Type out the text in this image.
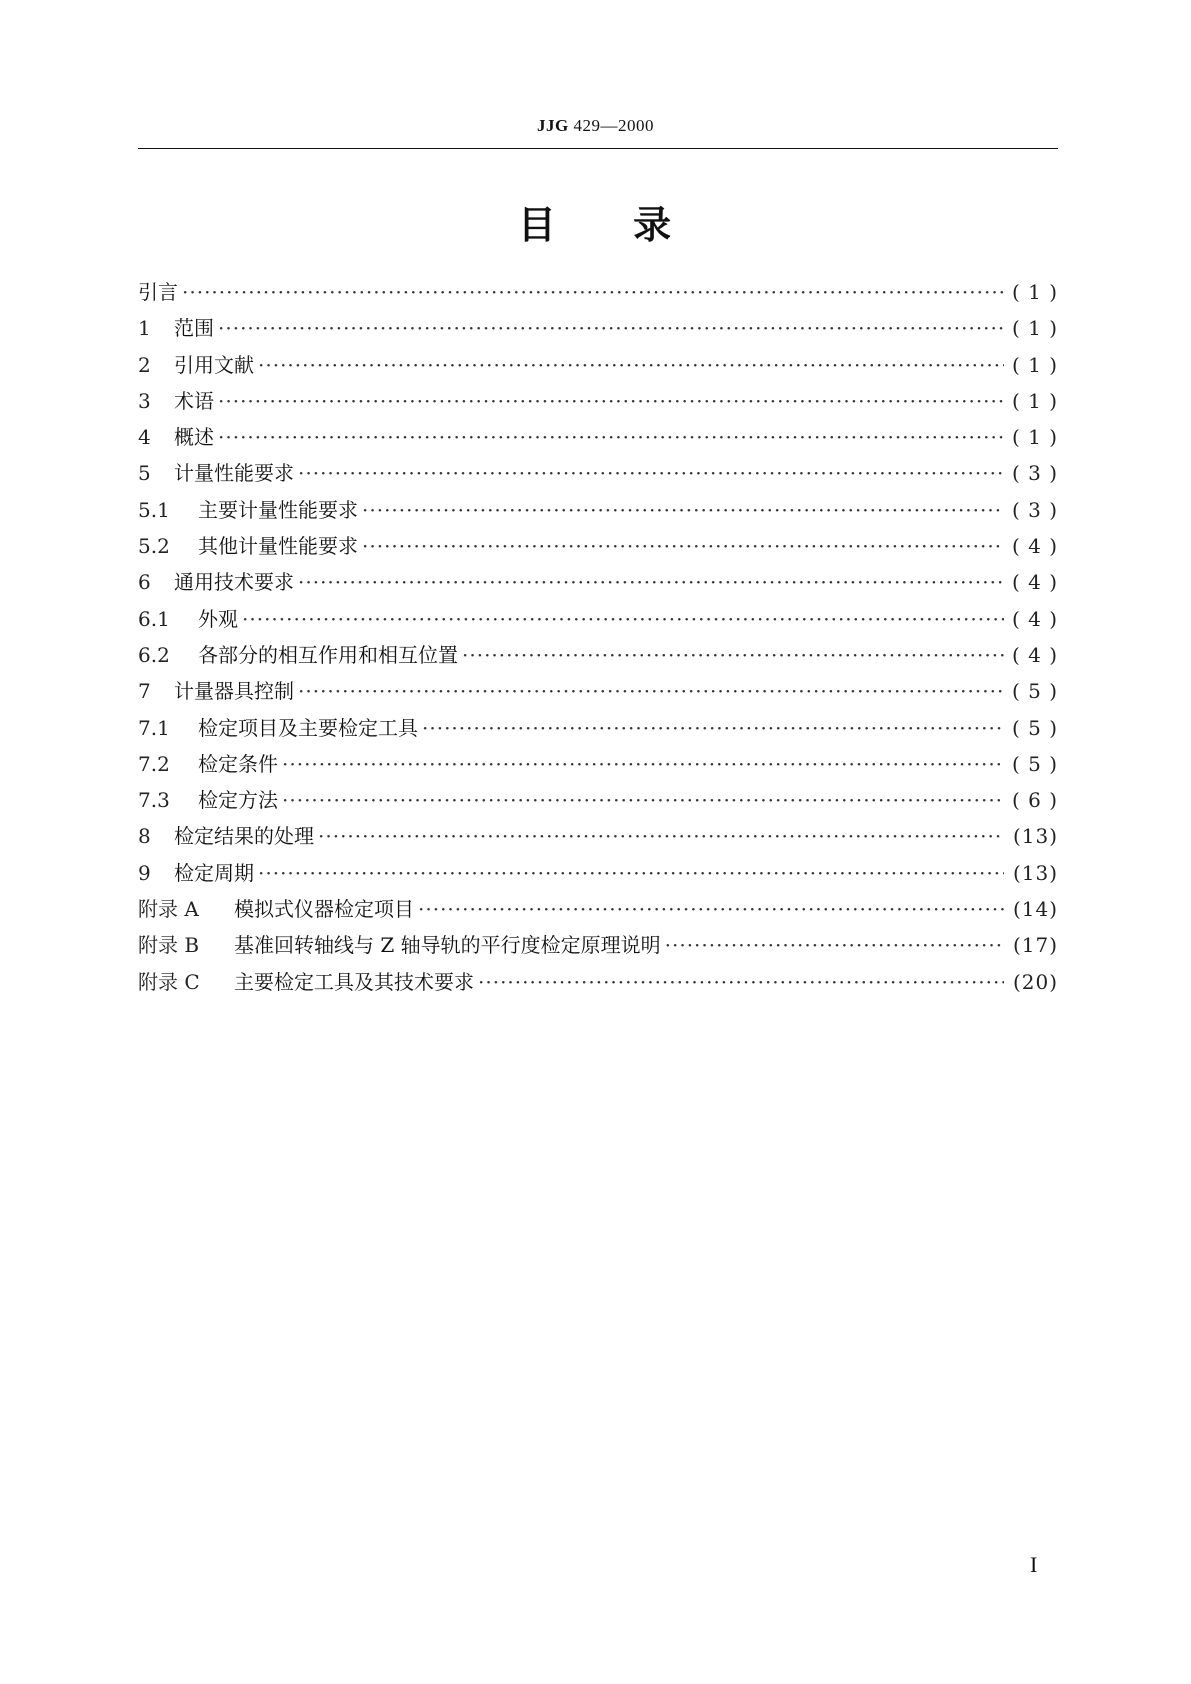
JJG 429—2000
目 录
引言 ·····	( 1 )
1	范围 ·····	( 1 )
2	引用文献 ·····	( 1 )
3	术语 ·····	( 1 )
4	概述 ·····	( 1 )
5	计量性能要求 ·····	( 3 )
5.1	主要计量性能要求 ·····	( 3 )
5.2	其他计量性能要求 ·····	( 4 )
6	通用技术要求 ·····	( 4 )
6.1	外观 ·····	( 4 )
6.2	各部分的相互作用和相互位置 ·····	( 4 )
7	计量器具控制 ·····	( 5 )
7.1	检定项目及主要检定工具 ·····	( 5 )
7.2	检定条件 ·····	( 5 )
7.3	检定方法 ·····	( 6 )
8	检定结果的处理 ·····	(13)
9	检定周期 ·····	(13)
附录 A	模拟式仪器检定项目 ·····	(14)
附录 B	基准回转轴线与 Z 轴导轨的平行度检定原理说明 ·····	(17)
附录 C	主要检定工具及其技术要求 ·····	(20)
I
